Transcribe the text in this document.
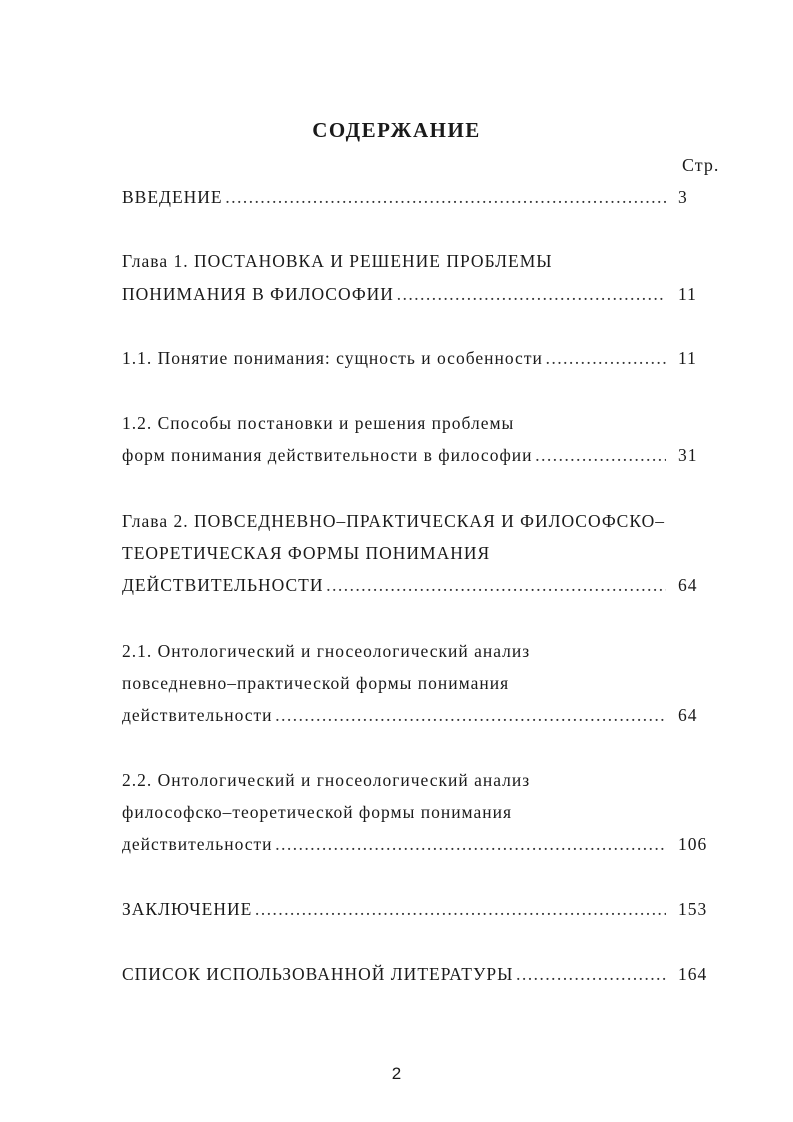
СОДЕРЖАНИЕ
Стр.
ВВЕДЕНИЕ …………………………………………………………………………………………………………………………………………………………	3
Глава 1. ПОСТАНОВКА И РЕШЕНИЕ ПРОБЛЕМЫ
ПОНИМАНИЯ В ФИЛОСОФИИ …………………………………………………………………………………………………………………………………………………………	11
1.1. Понятие понимания: сущность и особенности …………………………………………………………………………………………………………………………………………………………	11
1.2. Способы постановки и решения проблемы
форм понимания действительности в философии …………………………………………………………………………………………………………………………………………………………	31
Глава 2. ПОВСЕДНЕВНО–ПРАКТИЧЕСКАЯ И ФИЛОСОФСКО–
ТЕОРЕТИЧЕСКАЯ ФОРМЫ ПОНИМАНИЯ
ДЕЙСТВИТЕЛЬНОСТИ …………………………………………………………………………………………………………………………………………………………	64
2.1. Онтологический и гносеологический анализ
повседневно–практической формы понимания
действительности …………………………………………………………………………………………………………………………………………………………	64
2.2. Онтологический и гносеологический анализ
философско–теоретической формы понимания
действительности …………………………………………………………………………………………………………………………………………………………	106
ЗАКЛЮЧЕНИЕ …………………………………………………………………………………………………………………………………………………………	153
СПИСОК ИСПОЛЬЗОВАННОЙ ЛИТЕРАТУРЫ …………………………………………………………………………………………………………………………………………………………	164
2
